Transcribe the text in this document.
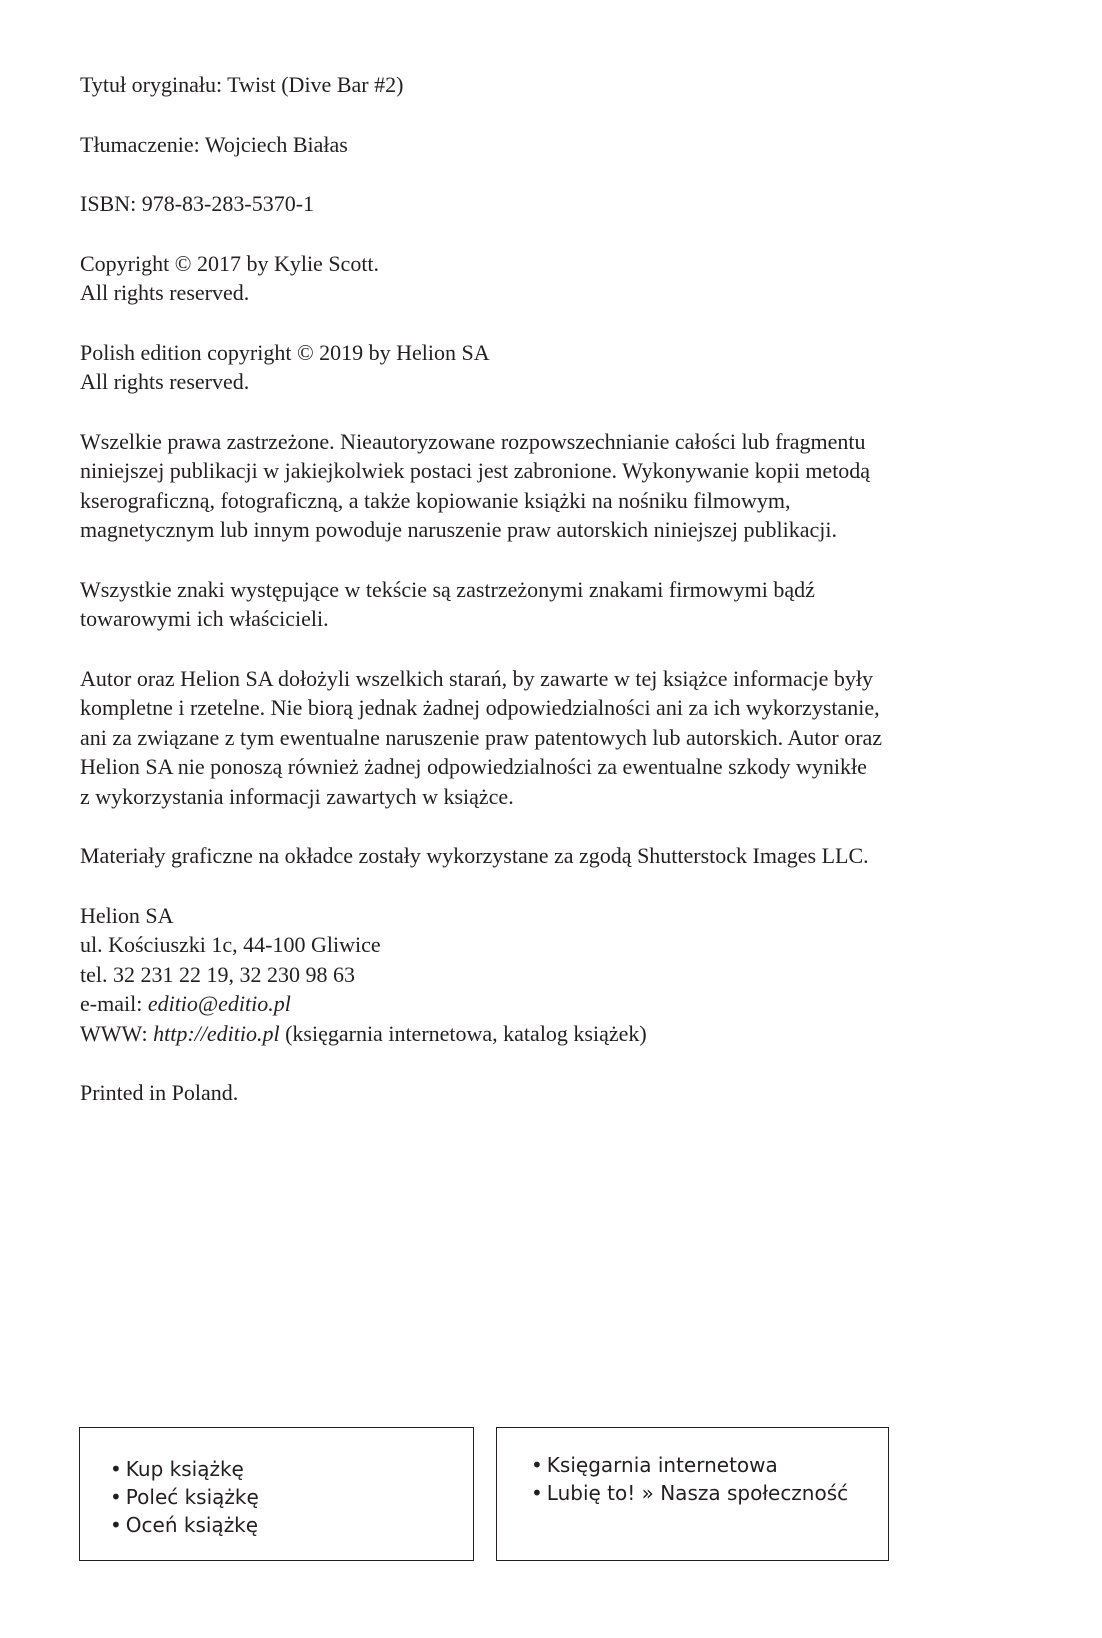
Tytuł oryginału: Twist (Dive Bar #2)

Tłumaczenie: Wojciech Białas

ISBN: 978-83-283-5370-1

Copyright © 2017 by Kylie Scott.
All rights reserved.

Polish edition copyright © 2019 by Helion SA
All rights reserved.

Wszelkie prawa zastrzeżone. Nieautoryzowane rozpowszechnianie całości lub fragmentu
niniejszej publikacji w jakiejkolwiek postaci jest zabronione. Wykonywanie kopii metodą
kserograficzną, fotograficzną, a także kopiowanie książki na nośniku filmowym,
magnetycznym lub innym powoduje naruszenie praw autorskich niniejszej publikacji.

Wszystkie znaki występujące w tekście są zastrzeżonymi znakami firmowymi bądź
towarowymi ich właścicieli.

Autor oraz Helion SA dołożyli wszelkich starań, by zawarte w tej książce informacje były
kompletne i rzetelne. Nie biorą jednak żadnej odpowiedzialności ani za ich wykorzystanie,
ani za związane z tym ewentualne naruszenie praw patentowych lub autorskich. Autor oraz
Helion SA nie ponoszą również żadnej odpowiedzialności za ewentualne szkody wynikłe
z wykorzystania informacji zawartych w książce.

Materiały graficzne na okładce zostały wykorzystane za zgodą Shutterstock Images LLC.

Helion SA
ul. Kościuszki 1c, 44-100 Gliwice
tel. 32 231 22 19, 32 230 98 63
e-mail: editio@editio.pl
WWW: http://editio.pl (księgarnia internetowa, katalog książek)

Printed in Poland.

• Kup książkę
• Poleć książkę
• Oceń książkę
• Księgarnia internetowa
• Lubię to! » Nasza społeczność
